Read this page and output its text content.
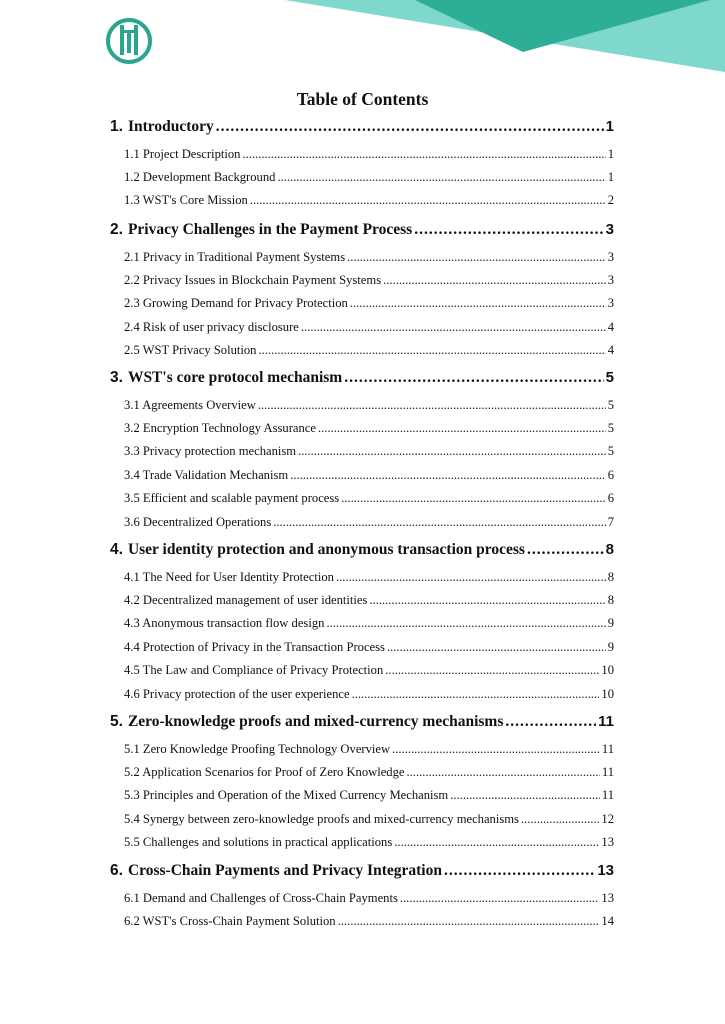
Table of Contents
1. Introductory .....	1
1.1 Project Description .....	1
1.2 Development Background .....	1
1.3 WST's Core Mission .....	2
2. Privacy Challenges in the Payment Process .....	3
2.1 Privacy in Traditional Payment Systems .....	3
2.2 Privacy Issues in Blockchain Payment Systems .....	3
2.3 Growing Demand for Privacy Protection .....	3
2.4 Risk of user privacy disclosure .....	4
2.5 WST Privacy Solution .....	4
3. WST's core protocol mechanism .....	5
3.1 Agreements Overview .....	5
3.2 Encryption Technology Assurance .....	5
3.3 Privacy protection mechanism .....	5
3.4 Trade Validation Mechanism .....	6
3.5 Efficient and scalable payment process .....	6
3.6 Decentralized Operations .....	7
4. User identity protection and anonymous transaction process .....	8
4.1 The Need for User Identity Protection .....	8
4.2 Decentralized management of user identities .....	8
4.3 Anonymous transaction flow design .....	9
4.4 Protection of Privacy in the Transaction Process .....	9
4.5 The Law and Compliance of Privacy Protection .....	10
4.6 Privacy protection of the user experience .....	10
5. Zero-knowledge proofs and mixed-currency mechanisms .....	11
5.1 Zero Knowledge Proofing Technology Overview .....	11
5.2 Application Scenarios for Proof of Zero Knowledge .....	11
5.3 Principles and Operation of the Mixed Currency Mechanism .....	11
5.4 Synergy between zero-knowledge proofs and mixed-currency mechanisms .....	12
5.5 Challenges and solutions in practical applications .....	13
6. Cross-Chain Payments and Privacy Integration .....	13
6.1 Demand and Challenges of Cross-Chain Payments .....	13
6.2 WST's Cross-Chain Payment Solution .....	14
